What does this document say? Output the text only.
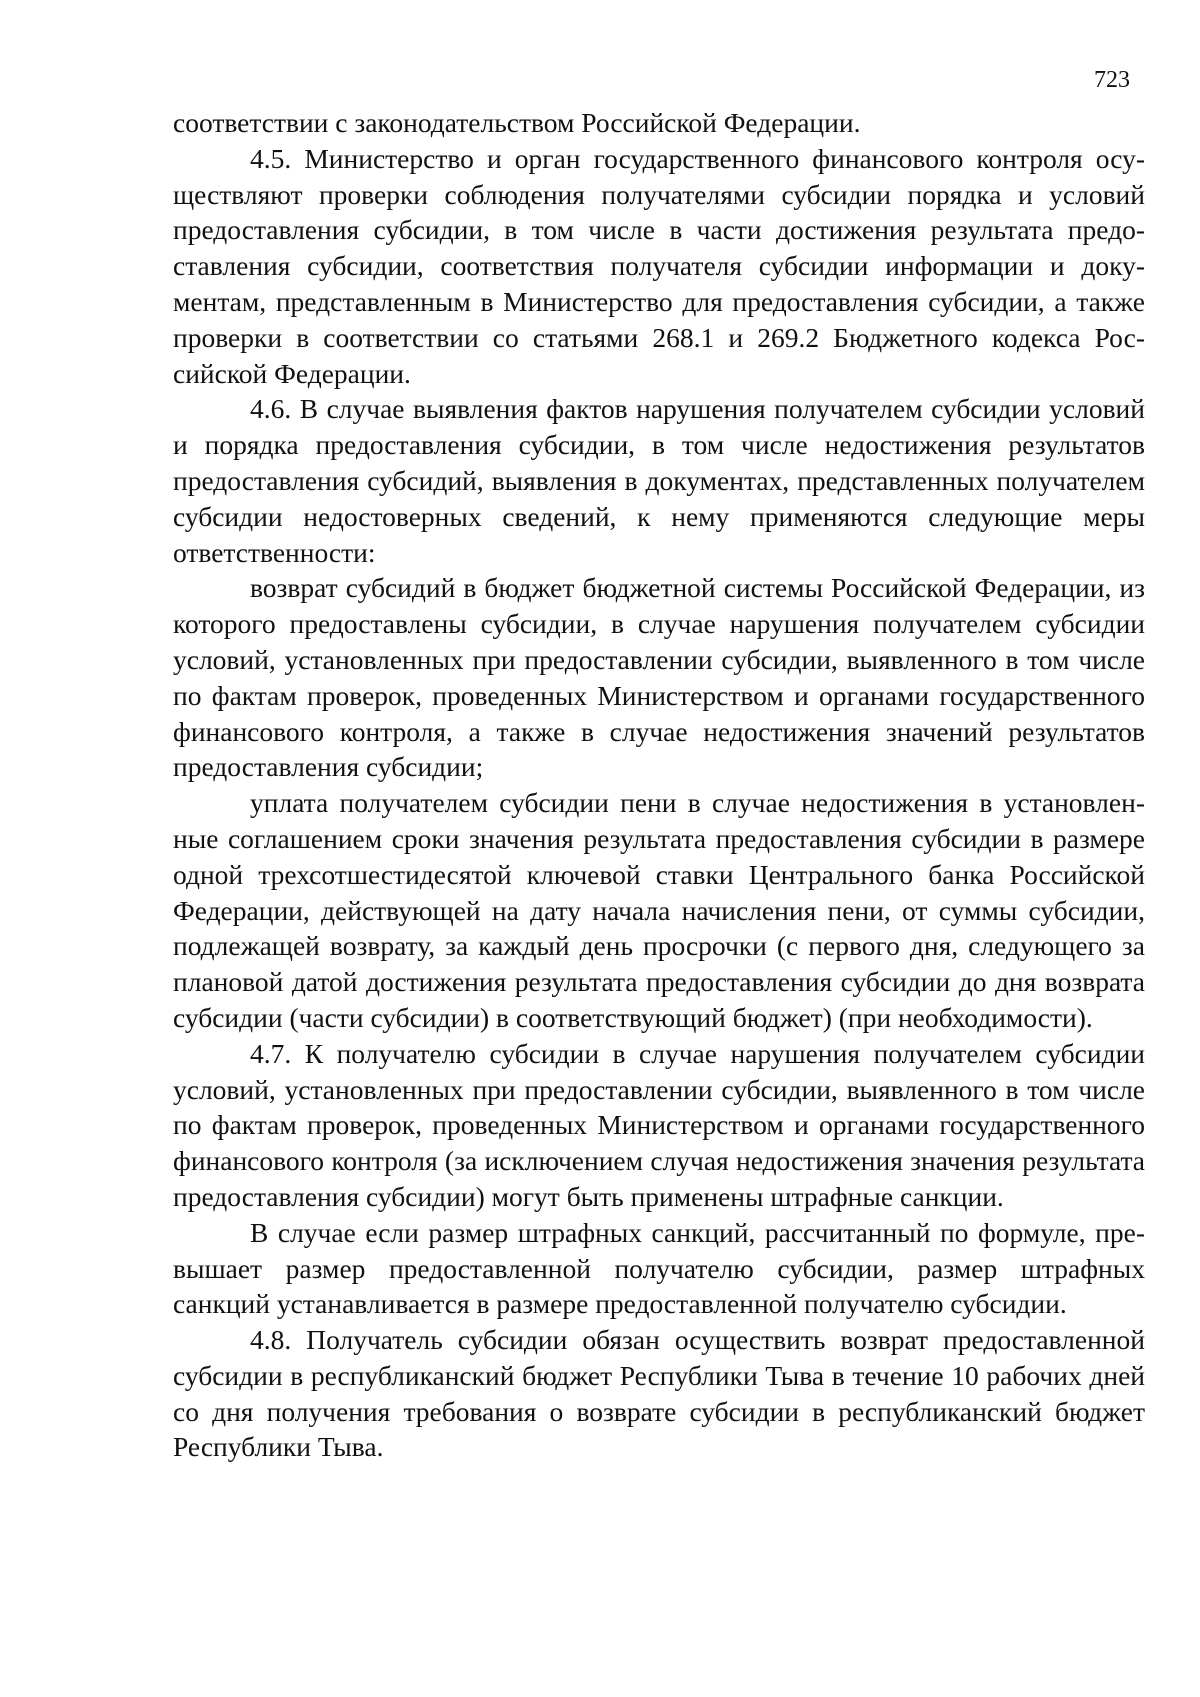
723

соответствии с законодательством Российской Федерации.

4.5. Министерство и орган государственного финансового контроля осуществляют проверки соблюдения получателями субсидии порядка и условий предоставления субсидии, в том числе в части достижения результата предоставления субсидии, соответствия получателя субсидии информации и документам, представленным в Министерство для предоставления субсидии, а также проверки в соответствии со статьями 268.1 и 269.2 Бюджетного кодекса Российской Федерации.

4.6. В случае выявления фактов нарушения получателем субсидии условий и порядка предоставления субсидии, в том числе недостижения результатов предоставления субсидий, выявления в документах, представленных получателем субсидии недостоверных сведений, к нему применяются следующие меры ответственности:

возврат субсидий в бюджет бюджетной системы Российской Федерации, из которого предоставлены субсидии, в случае нарушения получателем субсидии условий, установленных при предоставлении субсидии, выявленного в том числе по фактам проверок, проведенных Министерством и органами государственного финансового контроля, а также в случае недостижения значений результатов предоставления субсидии;

уплата получателем субсидии пени в случае недостижения в установленные соглашением сроки значения результата предоставления субсидии в размере одной трехсотшестидесятой ключевой ставки Центрального банка Российской Федерации, действующей на дату начала начисления пени, от суммы субсидии, подлежащей возврату, за каждый день просрочки (с первого дня, следующего за плановой датой достижения результата предоставления субсидии до дня возврата субсидии (части субсидии) в соответствующий бюджет) (при необходимости).

4.7. К получателю субсидии в случае нарушения получателем субсидии условий, установленных при предоставлении субсидии, выявленного в том числе по фактам проверок, проведенных Министерством и органами государственного финансового контроля (за исключением случая недостижения значения результата предоставления субсидии) могут быть применены штрафные санкции.

В случае если размер штрафных санкций, рассчитанный по формуле, превышает размер предоставленной получателю субсидии, размер штрафных санкций устанавливается в размере предоставленной получателю субсидии.

4.8. Получатель субсидии обязан осуществить возврат предоставленной субсидии в республиканский бюджет Республики Тыва в течение 10 рабочих дней со дня получения требования о возврате субсидии в республиканский бюджет Республики Тыва.
